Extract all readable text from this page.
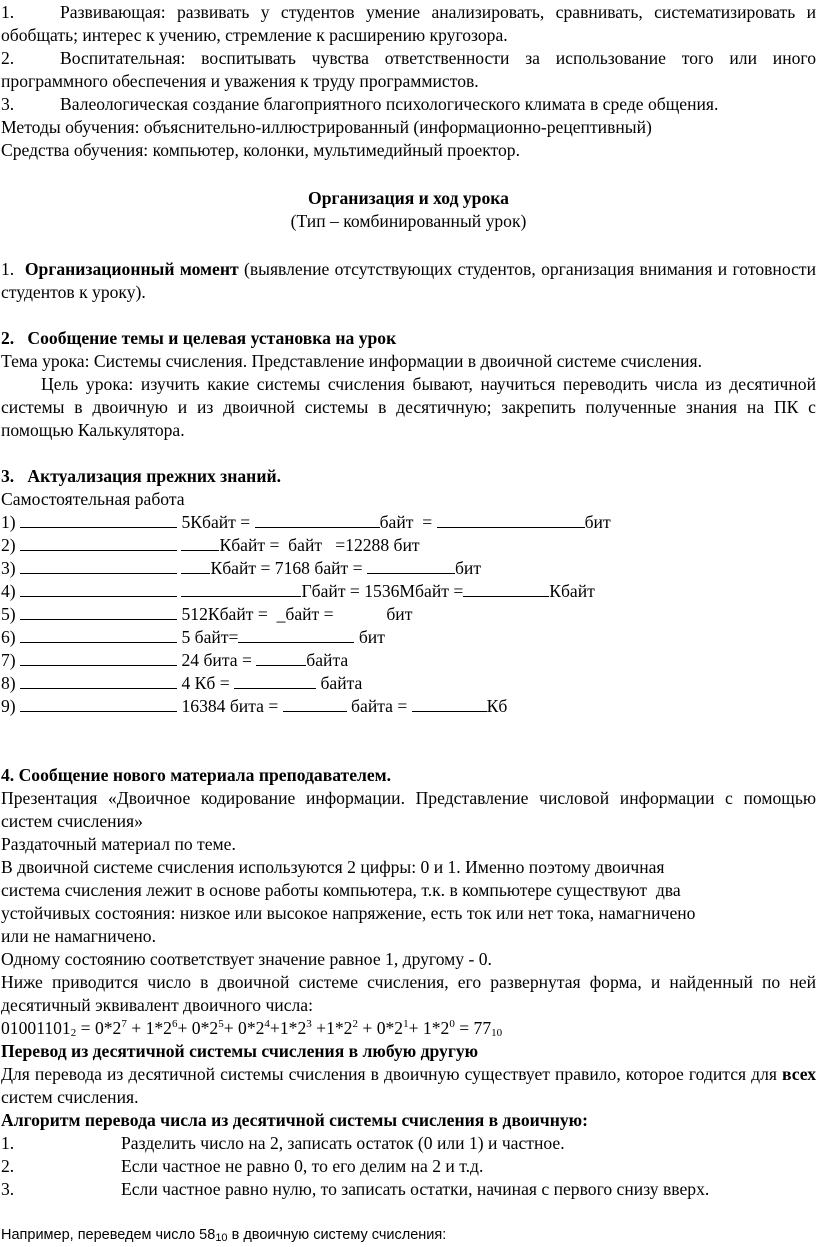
1.	Развивающая: развивать у студентов умение анализировать, сравнивать, систематизировать и обобщать; интерес к учению, стремление к расширению кругозора.

2.	Воспитательная: воспитывать чувства ответственности за использование того или иного программного обеспечения и уважения к труду программистов.

3.	Валеологическая создание благоприятного психологического климата в среде общения.

Методы обучения: объяснительно-иллюстрированный (информационно-рецептивный)

Средства обучения: компьютер, колонки, мультимедийный проектор.

Организация и ход урока

(Тип – комбинированный урок)

1. Организационный момент (выявление отсутствующих студентов, организация внимания и готовности студентов к уроку).

2.   Сообщение темы и целевая установка на урок

Тема урока: Системы счисления. Представление информации в двоичной системе счисления.

Цель урока: изучить какие системы счисления бывают, научиться переводить числа из десятичной системы в двоичную и из двоичной системы в десятичную; закрепить полученные знания на ПК с помощью Калькулятора.

3.   Актуализация прежних знаний.

Самостоятельная работа

1)	5Кбайт =	байт  =	бит

2)	Кбайт =  байт   =12288 бит

3)	Кбайт = 7168 байт =	бит

4)	Гбайт = 1536Мбайт =	Кбайт

5)	512Кбайт =  _байт =            бит

6)	5 байт=	бит

7)	24 бита =	байта

8)	4 Кб =	байта

9)	16384 бита =	байта =	Кб

4. Сообщение нового материала преподавателем.

Презентация «Двоичное кодирование информации. Представление числовой информации с помощью систем счисления»

Раздаточный материал по теме.

В двоичной системе счисления используются 2 цифры: 0 и 1. Именно поэтому двоичная

система счисления лежит в основе работы компьютера, т.к. в компьютере существуют  два

устойчивых состояния: низкое или высокое напряжение, есть ток или нет тока, намагничено

или не намагничено.

Одному состоянию соответствует значение равное 1, другому - 0.

Ниже приводится число в двоичной системе счисления, его развернутая форма, и найденный по ней десятичный эквивалент двоичного числа:

$01001101_2 = 0*2^7 + 1*2^6+ 0*2^5+ 0*2^4+1*2^3 +1*2^2 + 0*2^1+ 1*2^0 = 77_{10}$

Перевод из десятичной системы счисления в любую другую

Для перевода из десятичной системы счисления в двоичную существует правило, которое годится для всех систем счисления.

Алгоритм перевода числа из десятичной системы счисления в двоичную:

1.	Разделить число на 2, записать остаток (0 или 1) и частное.

2.	Если частное не равно 0, то его делим на 2 и т.д.

3.	Если частное равно нулю, то записать остатки, начиная с первого снизу вверх.

Например, переведем число $58_{10}$ в двоичную систему счисления:
